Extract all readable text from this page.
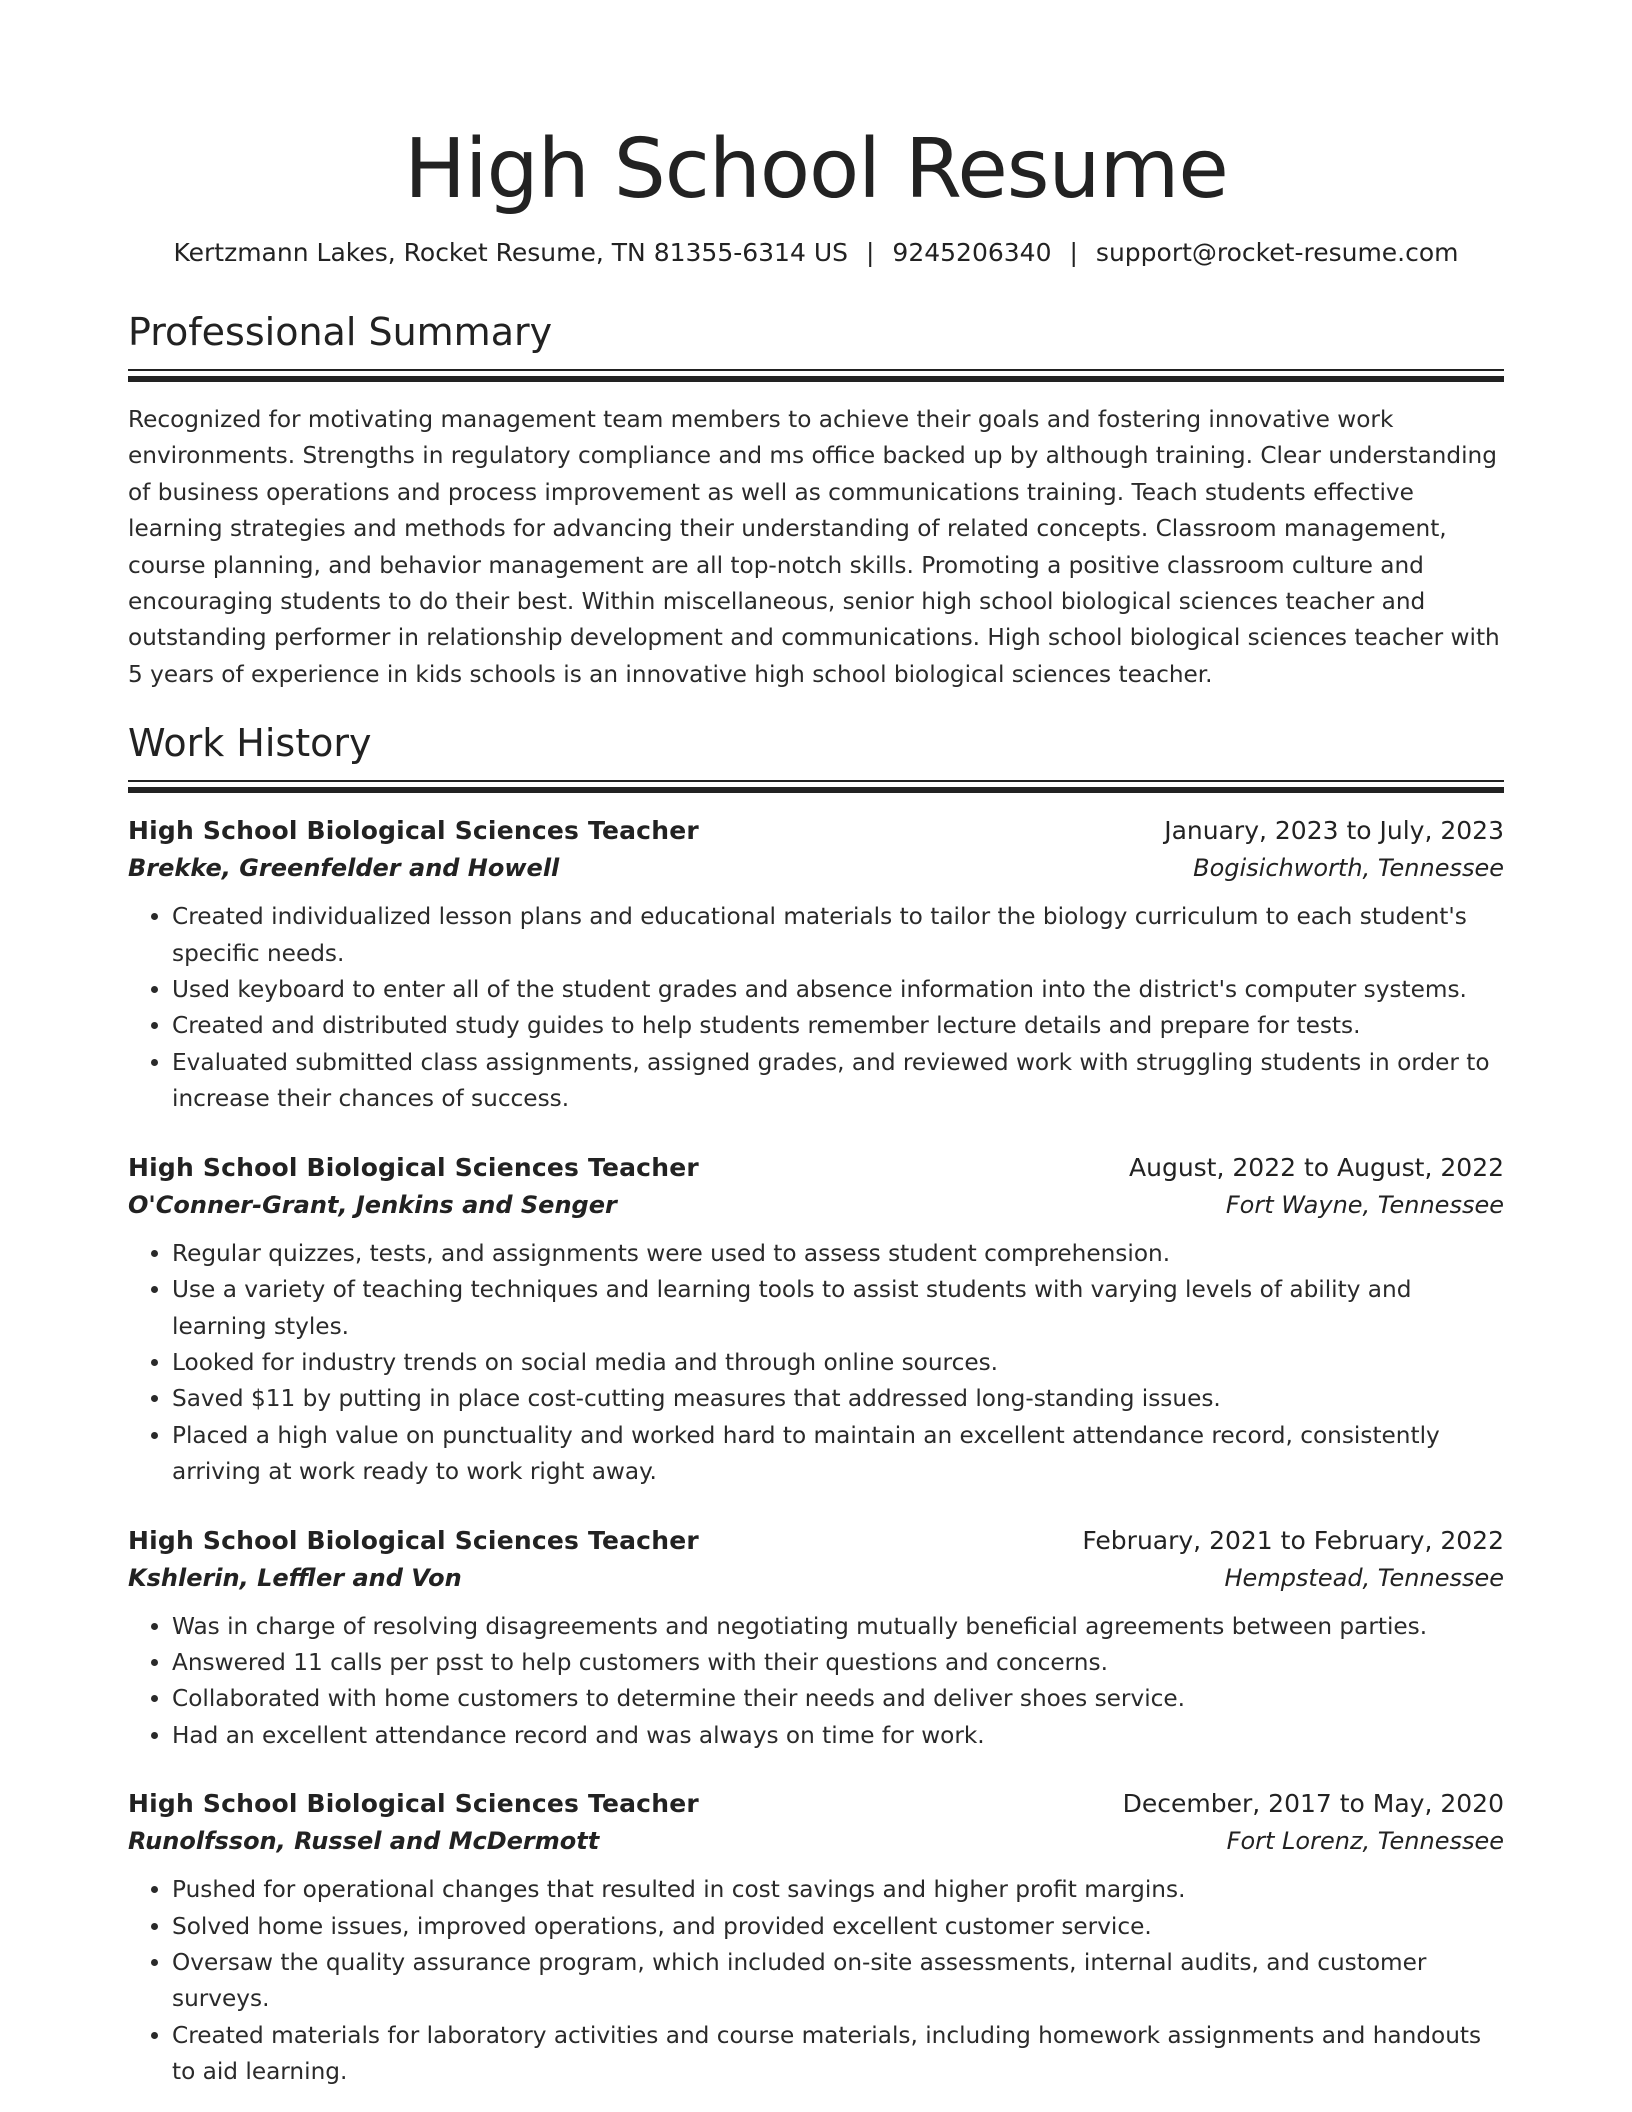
High School Resume
Kertzmann Lakes, Rocket Resume, TN 81355-6314 US | 9245206340 | support@rocket-resume.com
Professional Summary

Recognized for motivating management team members to achieve their goals and fostering innovative work environments. Strengths in regulatory compliance and ms office backed up by although training. Clear understanding of business operations and process improvement as well as communications training. Teach students effective learning strategies and methods for advancing their understanding of related concepts. Classroom management, course planning, and behavior management are all top-notch skills. Promoting a positive classroom culture and encouraging students to do their best. Within miscellaneous, senior high school biological sciences teacher and outstanding performer in relationship development and communications. High school biological sciences teacher with 5 years of experience in kids schools is an innovative high school biological sciences teacher.

Work History
High School Biological Sciences Teacher	January, 2023 to July, 2023
Brekke, Greenfelder and Howell	Bogisichworth, Tennessee
• Created individualized lesson plans and educational materials to tailor the biology curriculum to each student's specific needs.
• Used keyboard to enter all of the student grades and absence information into the district's computer systems.
• Created and distributed study guides to help students remember lecture details and prepare for tests.
• Evaluated submitted class assignments, assigned grades, and reviewed work with struggling students in order to increase their chances of success.
High School Biological Sciences Teacher	August, 2022 to August, 2022
O'Conner-Grant, Jenkins and Senger	Fort Wayne, Tennessee
• Regular quizzes, tests, and assignments were used to assess student comprehension.
• Use a variety of teaching techniques and learning tools to assist students with varying levels of ability and learning styles.
• Looked for industry trends on social media and through online sources.
• Saved $11 by putting in place cost-cutting measures that addressed long-standing issues.
• Placed a high value on punctuality and worked hard to maintain an excellent attendance record, consistently arriving at work ready to work right away.
High School Biological Sciences Teacher	February, 2021 to February, 2022
Kshlerin, Leffler and Von	Hempstead, Tennessee
• Was in charge of resolving disagreements and negotiating mutually beneficial agreements between parties.
• Answered 11 calls per psst to help customers with their questions and concerns.
• Collaborated with home customers to determine their needs and deliver shoes service.
• Had an excellent attendance record and was always on time for work.
High School Biological Sciences Teacher	December, 2017 to May, 2020
Runolfsson, Russel and McDermott	Fort Lorenz, Tennessee
• Pushed for operational changes that resulted in cost savings and higher profit margins.
• Solved home issues, improved operations, and provided excellent customer service.
• Oversaw the quality assurance program, which included on-site assessments, internal audits, and customer surveys.
• Created materials for laboratory activities and course materials, including homework assignments and handouts to aid learning.
